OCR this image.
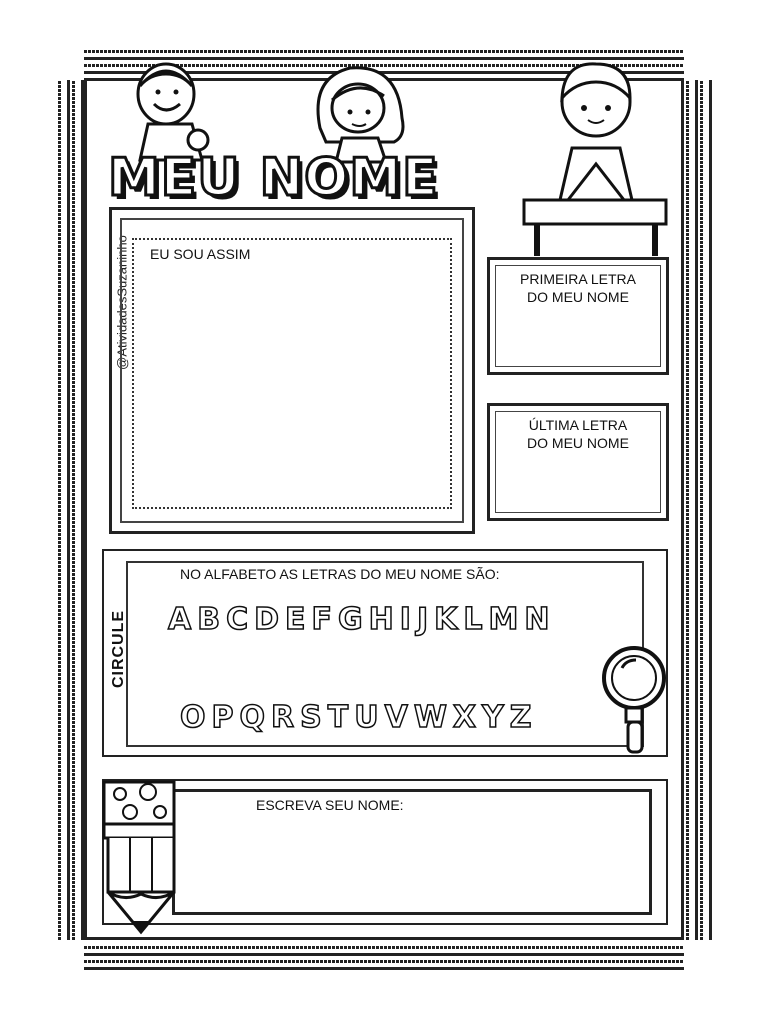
MEU NOME
@AtividadesSuzaninho EU SOU ASSIM
PRIMEIRA LETRA
DO MEU NOME
ÚLTIMA LETRA
DO MEU NOME
NO ALFABETO AS LETRAS DO MEU NOME SÃO:
CIRCULE A B C D E F G H I J K L M N
O P Q R S T U V W X Y Z
ESCREVA SEU NOME:
